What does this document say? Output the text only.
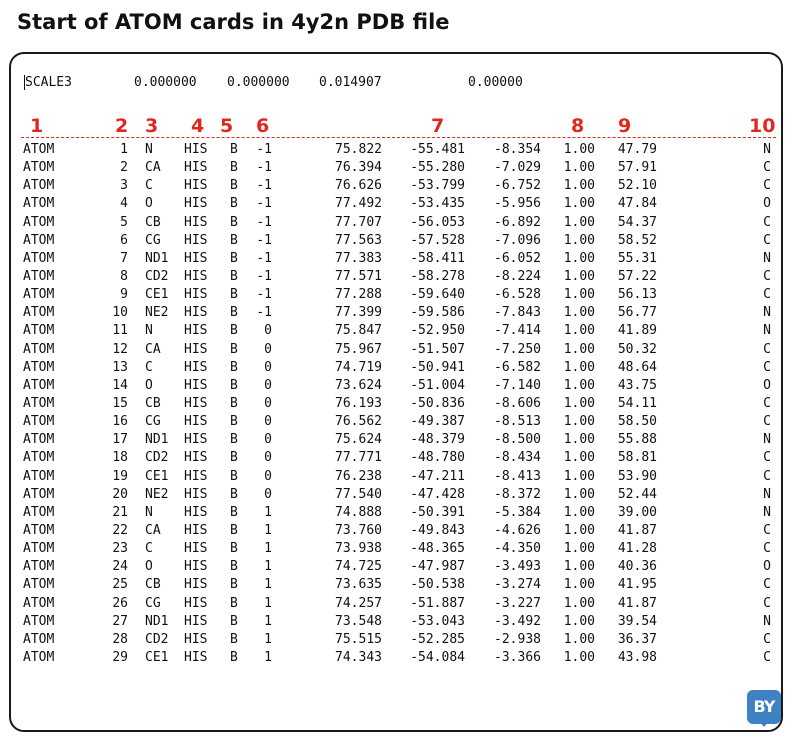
Start of ATOM cards in 4y2n PDB file
SCALE3	0.000000 0.000000 0.014907	0.00000
1	2 3 4 5 6	7	8 9	10
ATOM	1 N	HIS	B	-1	75.822	-55.481	-8.354	1.00	47.79	N
ATOM	2 CA	HIS	B	-1	76.394	-55.280	-7.029	1.00	57.91	C
ATOM	3 C	HIS	B	-1	76.626	-53.799	-6.752	1.00	52.10	C
ATOM	4 O	HIS	B	-1	77.492	-53.435	-5.956	1.00	47.84	O
ATOM	5 CB	HIS	B	-1	77.707	-56.053	-6.892	1.00	54.37	C
ATOM	6 CG	HIS	B	-1	77.563	-57.528	-7.096	1.00	58.52	C
ATOM	7 ND1	HIS	B	-1	77.383	-58.411	-6.052	1.00	55.31	N
ATOM	8 CD2	HIS	B	-1	77.571	-58.278	-8.224	1.00	57.22	C
ATOM	9 CE1	HIS	B	-1	77.288	-59.640	-6.528	1.00	56.13	C
ATOM	10 NE2	HIS	B	-1	77.399	-59.586	-7.843	1.00	56.77	N
ATOM	11 N	HIS	B	0	75.847	-52.950	-7.414	1.00	41.89	N
ATOM	12 CA	HIS	B	0	75.967	-51.507	-7.250	1.00	50.32	C
ATOM	13 C	HIS	B	0	74.719	-50.941	-6.582	1.00	48.64	C
ATOM	14 O	HIS	B	0	73.624	-51.004	-7.140	1.00	43.75	O
ATOM	15 CB	HIS	B	0	76.193	-50.836	-8.606	1.00	54.11	C
ATOM	16 CG	HIS	B	0	76.562	-49.387	-8.513	1.00	58.50	C
ATOM	17 ND1	HIS	B	0	75.624	-48.379	-8.500	1.00	55.88	N
ATOM	18 CD2	HIS	B	0	77.771	-48.780	-8.434	1.00	58.81	C
ATOM	19 CE1	HIS	B	0	76.238	-47.211	-8.413	1.00	53.90	C
ATOM	20 NE2	HIS	B	0	77.540	-47.428	-8.372	1.00	52.44	N
ATOM	21 N	HIS	B	1	74.888	-50.391	-5.384	1.00	39.00	N
ATOM	22 CA	HIS	B	1	73.760	-49.843	-4.626	1.00	41.87	C
ATOM	23 C	HIS	B	1	73.938	-48.365	-4.350	1.00	41.28	C
ATOM	24 O	HIS	B	1	74.725	-47.987	-3.493	1.00	40.36	O
ATOM	25 CB	HIS	B	1	73.635	-50.538	-3.274	1.00	41.95	C
ATOM	26 CG	HIS	B	1	74.257	-51.887	-3.227	1.00	41.87	C
ATOM	27 ND1	HIS	B	1	73.548	-53.043	-3.492	1.00	39.54	N
ATOM	28 CD2	HIS	B	1	75.515	-52.285	-2.938	1.00	36.37	C
ATOM	29 CE1	HIS	B	1	74.343	-54.084	-3.366	1.00	43.98	C
BY
